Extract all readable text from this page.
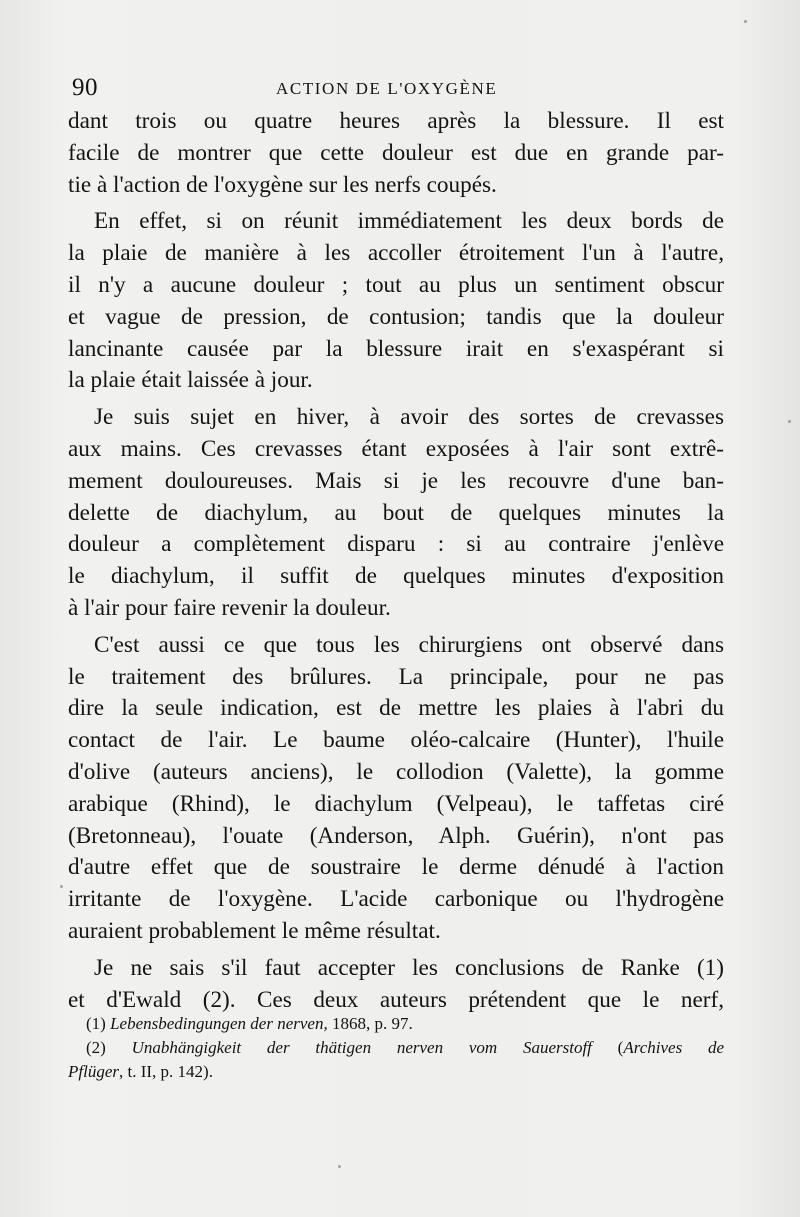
90	ACTION DE L'OXYGÈNE
dant trois ou quatre heures après la blessure. Il est
facile de montrer que cette douleur est due en grande par-
tie à l'action de l'oxygène sur les nerfs coupés.
En effet, si on réunit immédiatement les deux bords de
la plaie de manière à les accoller étroitement l'un à l'autre,
il n'y a aucune douleur ; tout au plus un sentiment obscur
et vague de pression, de contusion; tandis que la douleur
lancinante causée par la blessure irait en s'exaspérant si
la plaie était laissée à jour.
Je suis sujet en hiver, à avoir des sortes de crevasses
aux mains. Ces crevasses étant exposées à l'air sont extrê-
mement douloureuses. Mais si je les recouvre d'une ban-
delette de diachylum, au bout de quelques minutes la
douleur a complètement disparu : si au contraire j'enlève
le diachylum, il suffit de quelques minutes d'exposition
à l'air pour faire revenir la douleur.
C'est aussi ce que tous les chirurgiens ont observé dans
le traitement des brûlures. La principale, pour ne pas
dire la seule indication, est de mettre les plaies à l'abri du
contact de l'air. Le baume oléo-calcaire (Hunter), l'huile
d'olive (auteurs anciens), le collodion (Valette), la gomme
arabique (Rhind), le diachylum (Velpeau), le taffetas ciré
(Bretonneau), l'ouate (Anderson, Alph. Guérin), n'ont pas
d'autre effet que de soustraire le derme dénudé à l'action
irritante de l'oxygène. L'acide carbonique ou l'hydrogène
auraient probablement le même résultat.
Je ne sais s'il faut accepter les conclusions de Ranke (1)
et d'Ewald (2). Ces deux auteurs prétendent que le nerf,
(1) Lebensbedingungen der nerven, 1868, p. 97.
(2) Unabhängigkeit der thätigen nerven vom Sauerstoff (Archives de
Pflüger, t. II, p. 142).
